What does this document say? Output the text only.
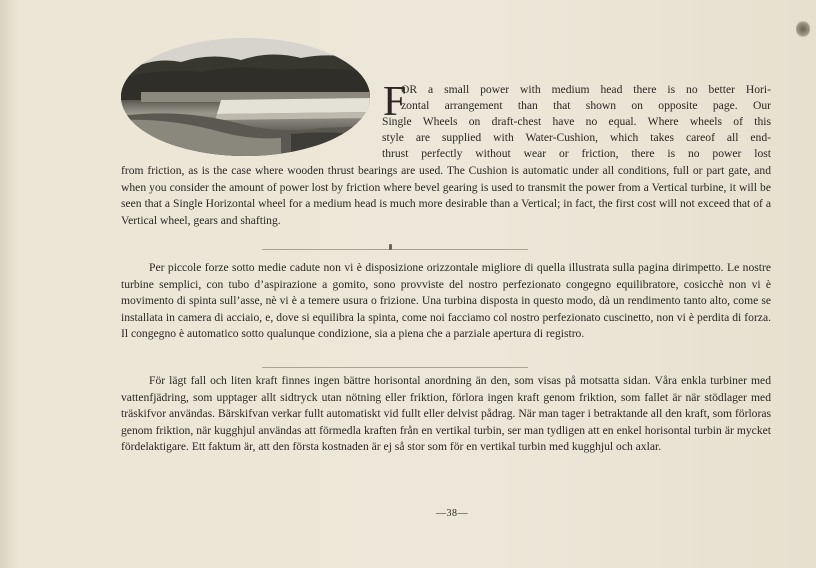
F

OR a small power with medium head there is no better Hori-

zontal arrangement than that shown on opposite page. Our

Single Wheels on draft-chest have no equal. Where wheels of this

style are supplied with Water-Cushion, which takes careof all end-

thrust perfectly without wear or friction, there is no power lost

from friction, as is the case where wooden thrust bearings are used. The Cushion is automatic under all conditions, full or part gate, and when you consider the amount of power lost by friction where bevel gearing is used to transmit the power from a Vertical turbine, it will be seen that a Single Horizontal wheel for a medium head is much more desirable than a Vertical; in fact, the first cost will not exceed that of a Vertical wheel, gears and shafting.

Per piccole forze sotto medie cadute non vi è disposizione orizzontale migliore di quella illustrata sulla pagina dirimpetto. Le nostre turbine semplici, con tubo d’aspirazione a gomito, sono provviste del nostro perfezionato congegno equilibratore, cosicchè non vi è movimento di spinta sull’asse, nè vi è a temere usura o frizione. Una turbina disposta in questo modo, dà un rendimento tanto alto, come se installata in camera di acciaio, e, dove si equilibra la spinta, come noi facciamo col nostro perfezionato cuscinetto, non vi è perdita di forza. Il congegno è automatico sotto qualunque condizione, sia a piena che a parziale apertura di registro.

För lägt fall och liten kraft finnes ingen bättre horisontal anordning än den, som visas på motsatta sidan. Våra enkla turbiner med vattenfjädring, som upptager allt sidtryck utan nötning eller friktion, förlora ingen kraft genom friktion, som fallet är när stödlager med träskifvor användas. Bärskifvan verkar fullt automatiskt vid fullt eller delvist pådrag. När man tager i betraktande all den kraft, som förloras genom friktion, när kugghjul användas att förmedla kraften från en vertikal turbin, ser man tydligen att en enkel horisontal turbin är mycket fördelaktigare. Ett faktum är, att den första kostnaden är ej så stor som för en vertikal turbin med kugghjul och axlar.

—38—
